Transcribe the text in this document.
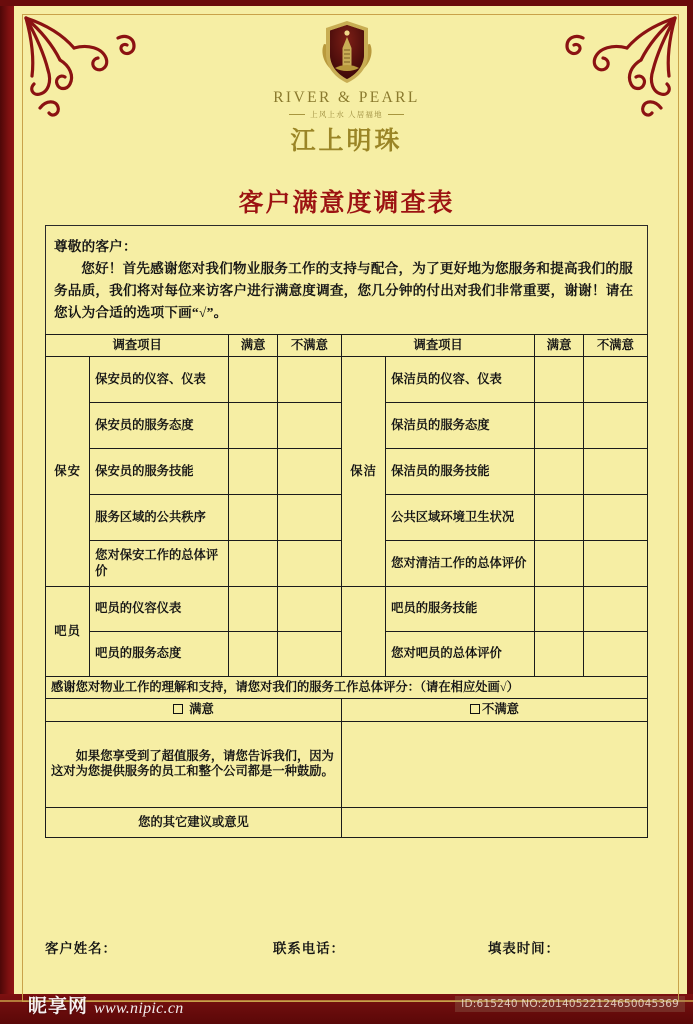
RIVER & PEARL
上风上水 人居福地
江上明珠
客户满意度调查表
尊敬的客户：
您好！首先感谢您对我们物业服务工作的支持与配合，为了更好地为您服务和提高我们的服务品质，我们将对每位来访客户进行满意度调查，您几分钟的付出对我们非常重要，谢谢！请在您认为合适的选项下画“√”。
调查项目		满意	不满意	调查项目		满意	不满意
保安	保安员的仪容、仪表			保洁	保洁员的仪容、仪表		
	保安员的服务态度				保洁员的服务态度		
	保安员的服务技能				保洁员的服务技能		
	服务区域的公共秩序				公共区域环境卫生状况		
	您对保安工作的总体评价				您对清洁工作的总体评价		
吧员	吧员的仪容仪表				吧员的服务技能		
	吧员的服务态度				您对吧员的总体评价		
感谢您对物业工作的理解和支持，请您对我们的服务工作总体评分：（请在相应处画√）							
满意				不满意			

如果您享受到了超值服务，请您告诉我们，因为这对为您提供服务的员工和整个公司都是一种鼓励。							

您的其它建议或意见							
客户姓名：	联系电话：	填表时间：
昵享网 www.nipic.cn	ID:615240 NO:20140522124650045369
